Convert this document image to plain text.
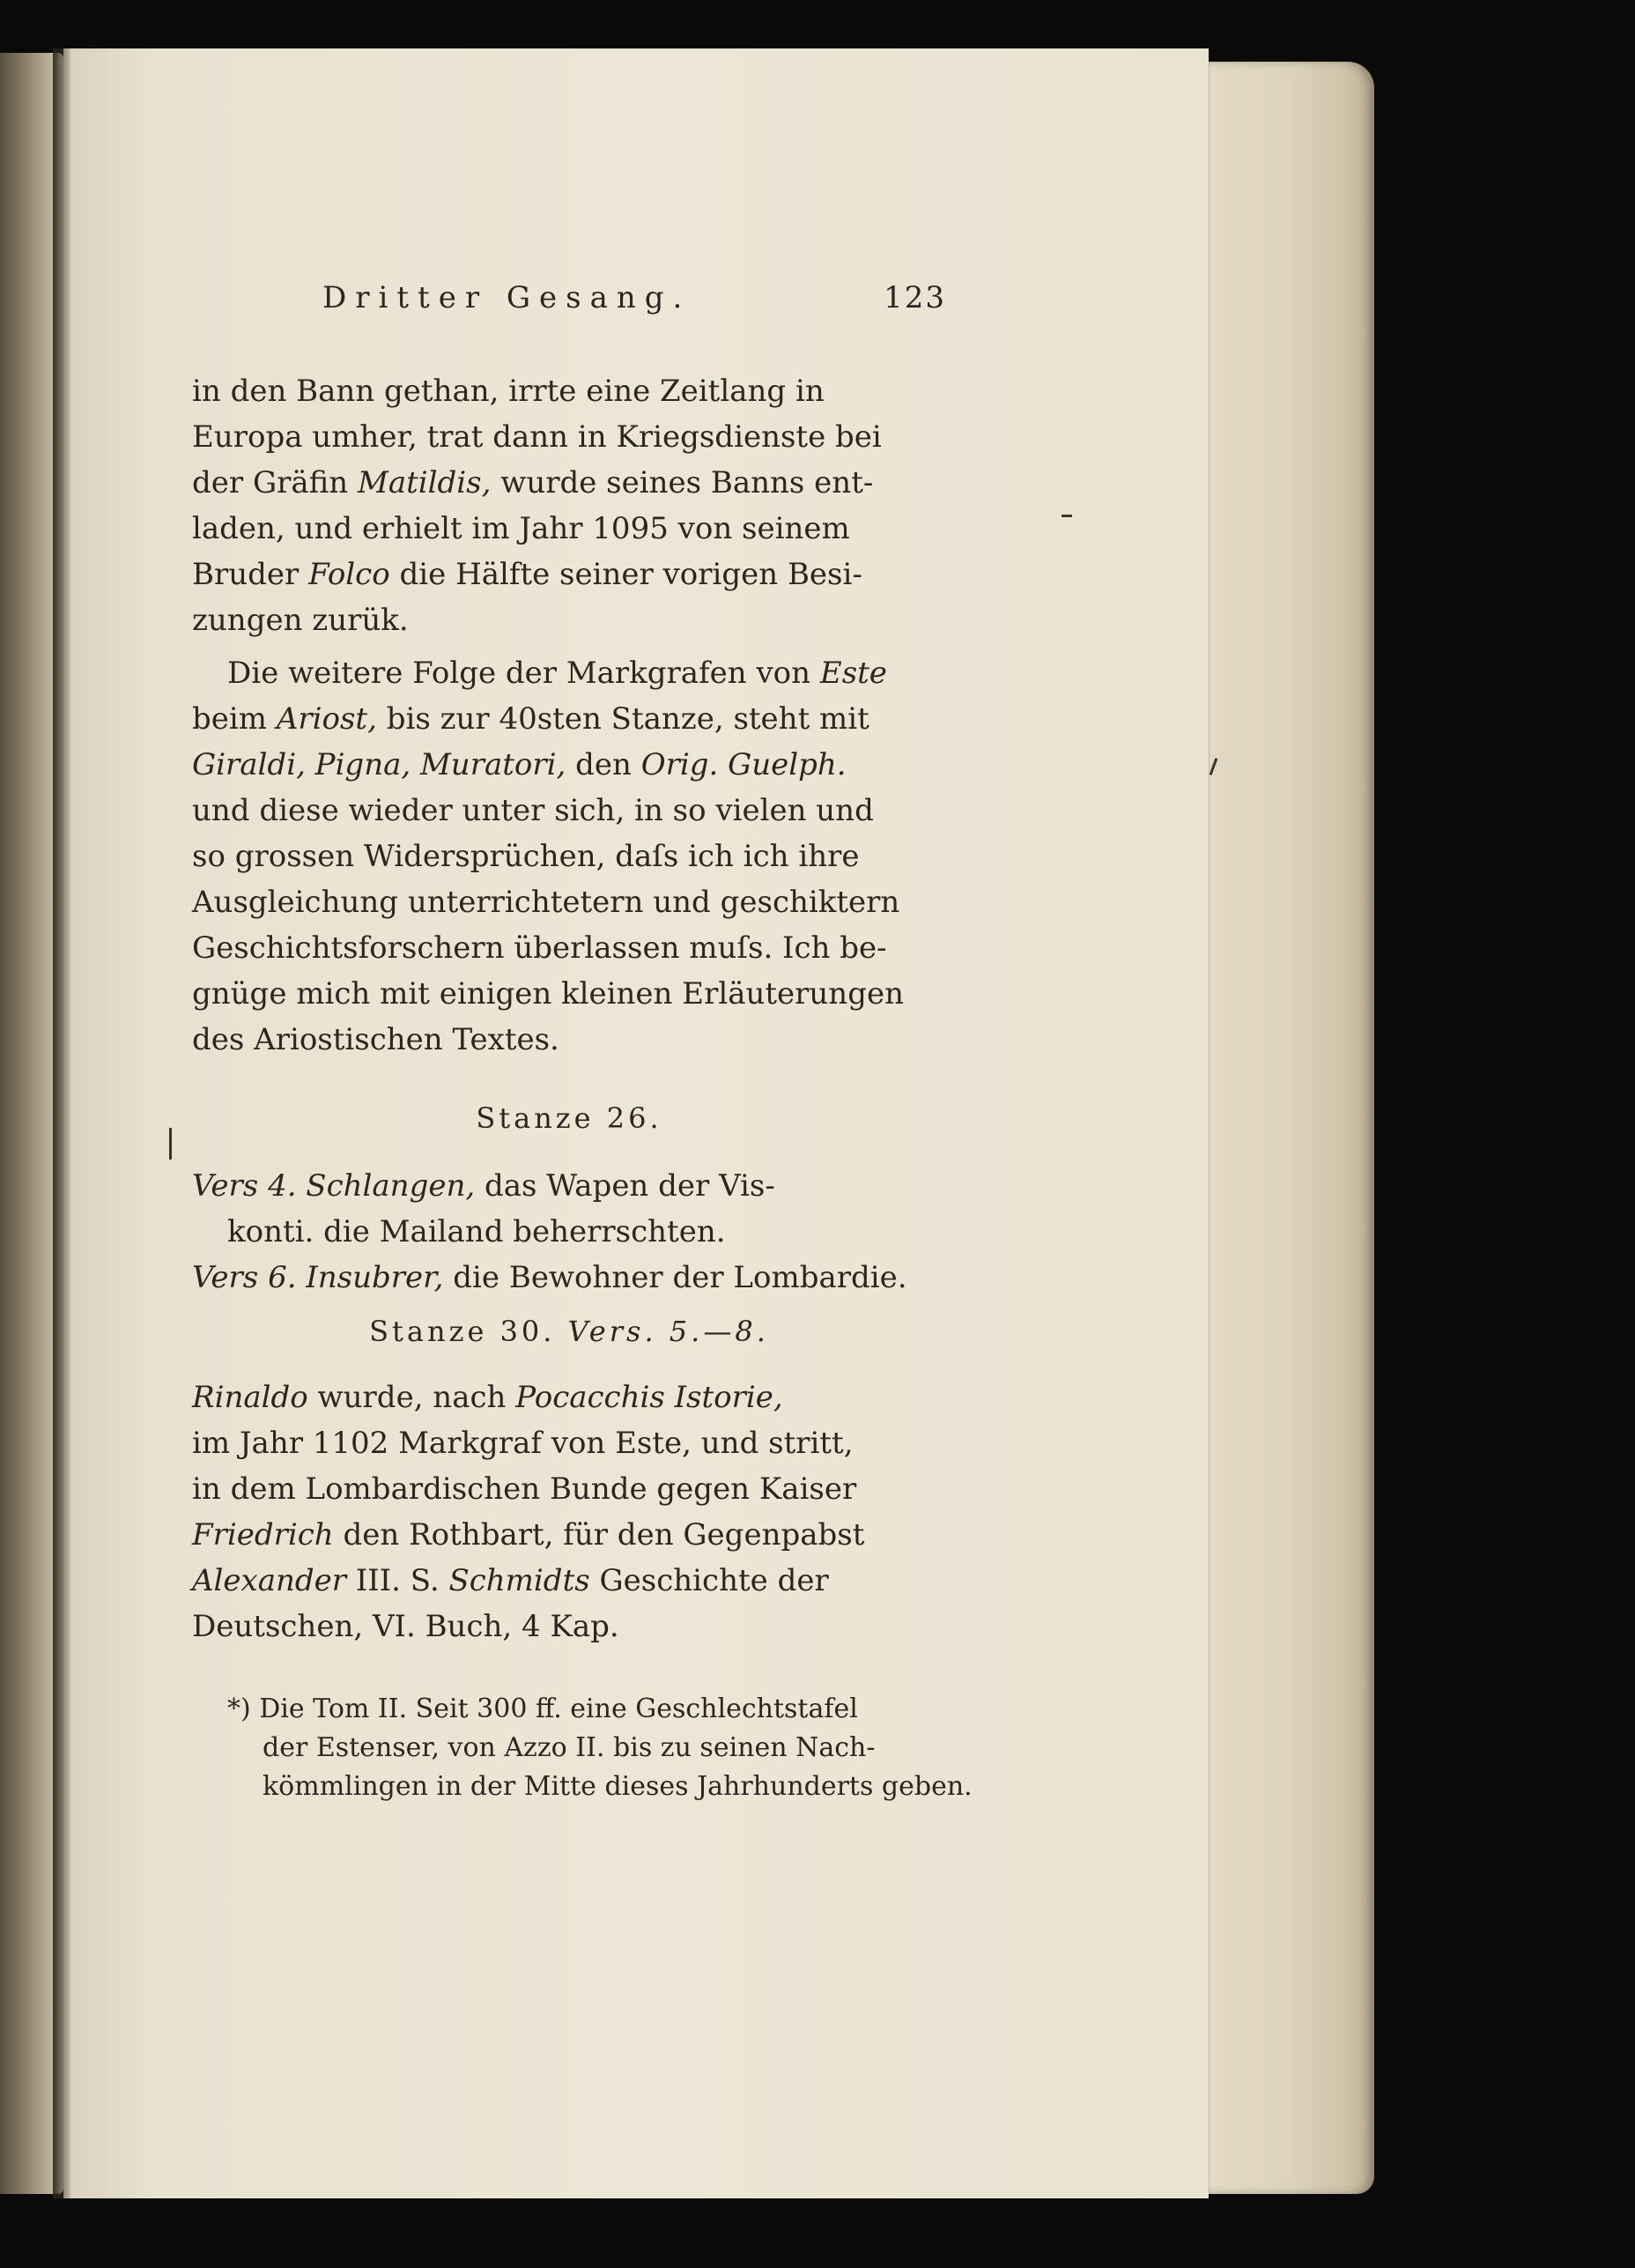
Dritter Gesang.	123
in den Bann gethan, irrte eine Zeitlang in
Europa umher, trat dann in Kriegsdienste bei
der Gräfin Matildis, wurde seines Banns ent-
laden, und erhielt im Jahr 1095 von seinem
Bruder Folco die Hälfte seiner vorigen Besi-
zungen zurük.
Die weitere Folge der Markgrafen von Este
beim Ariost, bis zur 40sten Stanze, steht mit
Giraldi, Pigna, Muratori, den Orig. Guelph.
und diese wieder unter sich, in so vielen und
so grossen Widersprüchen, daſs ich ich ihre
Ausgleichung unterrichtetern und geschiktern
Geschichtsforschern überlassen muſs. Ich be-
gnüge mich mit einigen kleinen Erläuterungen
des Ariostischen Textes.
Stanze 26.
Vers 4. Schlangen, das Wapen der Vis-
konti. die Mailand beherrschten.
Vers 6. Insubrer, die Bewohner der Lombardie.
Stanze 30. Vers. 5.—8.
Rinaldo wurde, nach Pocacchis Istorie,
im Jahr 1102 Markgraf von Este, und stritt,
in dem Lombardischen Bunde gegen Kaiser
Friedrich den Rothbart, für den Gegenpabst
Alexander III. S. Schmidts Geschichte der
Deutschen, VI. Buch, 4 Kap.
*) Die Tom II. Seit 300 ff. eine Geschlechtstafel
der Estenser, von Azzo II. bis zu seinen Nach-
kömmlingen in der Mitte dieses Jahrhunderts geben.
